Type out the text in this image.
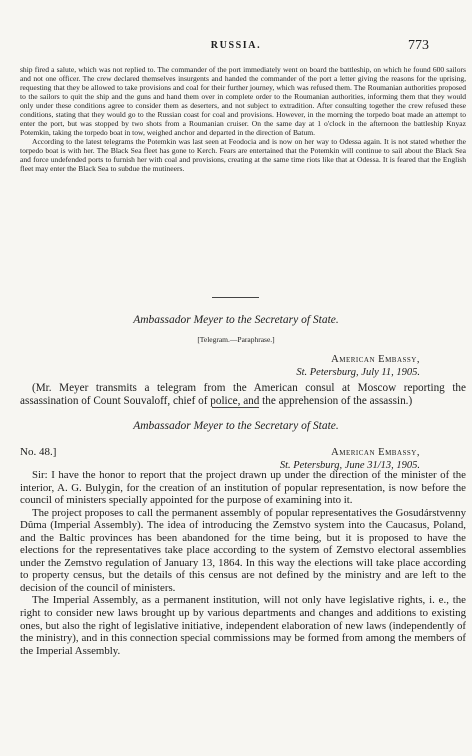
RUSSIA.	773

ship fired a salute, which was not replied to. The commander of the port immediately went on board the battleship, on which he found 600 sailors and not one officer. The crew declared themselves insurgents and handed the commander of the port a letter giving the reasons for the uprising, requesting that they be allowed to take provisions and coal for their further journey, which was refused them. The Roumanian authorities proposed to the sailors to quit the ship and the guns and hand them over in complete order to the Roumanian authorities, informing them that they would only under these conditions agree to consider them as deserters, and not subject to extradition. After consulting together the crew refused these conditions, stating that they would go to the Russian coast for coal and provisions. However, in the morning the torpedo boat made an attempt to enter the port, but was stopped by two shots from a Roumanian cruiser. On the same day at 1 o'clock in the afternoon the battleship Knyaz Potemkin, taking the torpedo boat in tow, weighed anchor and departed in the direction of Batum.

According to the latest telegrams the Potemkin was last seen at Feodocia and is now on her way to Odessa again. It is not stated whether the torpedo boat is with her. The Black Sea fleet has gone to Kerch. Fears are entertained that the Potemkin will continue to sail about the Black Sea and force undefended ports to furnish her with coal and provisions, creating at the same time riots like that at Odessa. It is feared that the English fleet may enter the Black Sea to subdue the mutineers.

Ambassador Meyer to the Secretary of State.
[Telegram.—Paraphrase.]
American Embassy,
St. Petersburg, July 11, 1905.

(Mr. Meyer transmits a telegram from the American consul at Moscow reporting the assassination of Count Souvaloff, chief of police, and the apprehension of the assassin.)

Ambassador Meyer to the Secretary of State.
No. 48.]	American Embassy,
St. Petersburg, June 31/13, 1905.

Sir: I have the honor to report that the project drawn up under the direction of the minister of the interior, A. G. Bulygin, for the creation of an institution of popular representation, is now before the council of ministers specially appointed for the purpose of examining into it.

The project proposes to call the permanent assembly of popular representatives the Gosudárstvenny Dûma (Imperial Assembly). The idea of introducing the Zemstvo system into the Caucasus, Poland, and the Baltic provinces has been abandoned for the time being, but it is proposed to have the elections for the representatives take place according to the system of Zemstvo electoral assemblies under the Zemstvo regulation of January 13, 1864. In this way the elections will take place according to property census, but the details of this census are not defined by the ministry and are left to the decision of the council of ministers.

The Imperial Assembly, as a permanent institution, will not only have legislative rights, i. e., the right to consider new laws brought up by various departments and changes and additions to existing ones, but also the right of legislative initiative, independent elaboration of new laws (independently of the ministry), and in this connection special commissions may be formed from among the members of the Imperial Assembly.
